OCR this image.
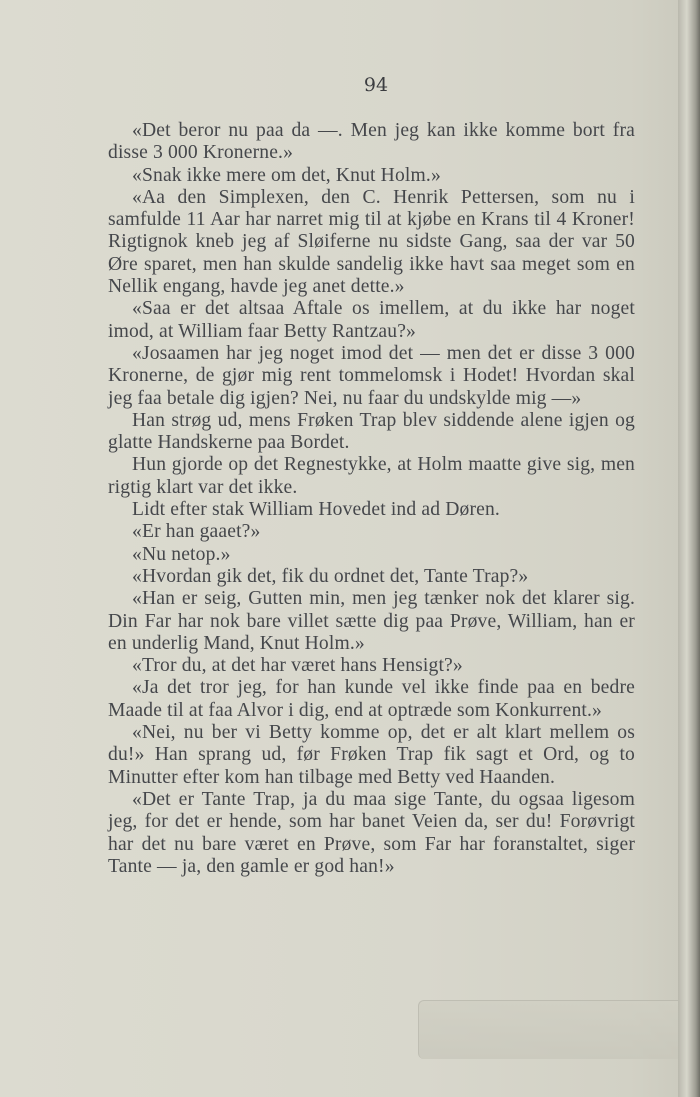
94

«Det beror nu paa da —. Men jeg kan ikke komme bort fra disse 3 000 Kronerne.»

«Snak ikke mere om det, Knut Holm.»

«Aa den Simplexen, den C. Henrik Pettersen, som nu i samfulde 11 Aar har narret mig til at kjøbe en Krans til 4 Kroner! Rigtignok kneb jeg af Sløiferne nu sidste Gang, saa der var 50 Øre sparet, men han skulde sandelig ikke havt saa meget som en Nellik engang, havde jeg anet dette.»

«Saa er det altsaa Aftale os imellem, at du ikke har noget imod, at William faar Betty Rantzau?»

«Josaamen har jeg noget imod det — men det er disse 3 000 Kronerne, de gjør mig rent tommelomsk i Hodet! Hvordan skal jeg faa betale dig igjen? Nei, nu faar du undskylde mig —»

Han strøg ud, mens Frøken Trap blev siddende alene igjen og glatte Handskerne paa Bordet.

Hun gjorde op det Regnestykke, at Holm maatte give sig, men rigtig klart var det ikke.

Lidt efter stak William Hovedet ind ad Døren.

«Er han gaaet?»

«Nu netop.»

«Hvordan gik det, fik du ordnet det, Tante Trap?»

«Han er seig, Gutten min, men jeg tænker nok det klarer sig. Din Far har nok bare villet sætte dig paa Prøve, William, han er en underlig Mand, Knut Holm.»

«Tror du, at det har været hans Hensigt?»

«Ja det tror jeg, for han kunde vel ikke finde paa en bedre Maade til at faa Alvor i dig, end at optræde som Konkurrent.»

«Nei, nu ber vi Betty komme op, det er alt klart mellem os du!» Han sprang ud, før Frøken Trap fik sagt et Ord, og to Minutter efter kom han tilbage med Betty ved Haanden.

«Det er Tante Trap, ja du maa sige Tante, du ogsaa ligesom jeg, for det er hende, som har banet Veien da, ser du! Forøvrigt har det nu bare været en Prøve, som Far har foranstaltet, siger Tante — ja, den gamle er god han!»
